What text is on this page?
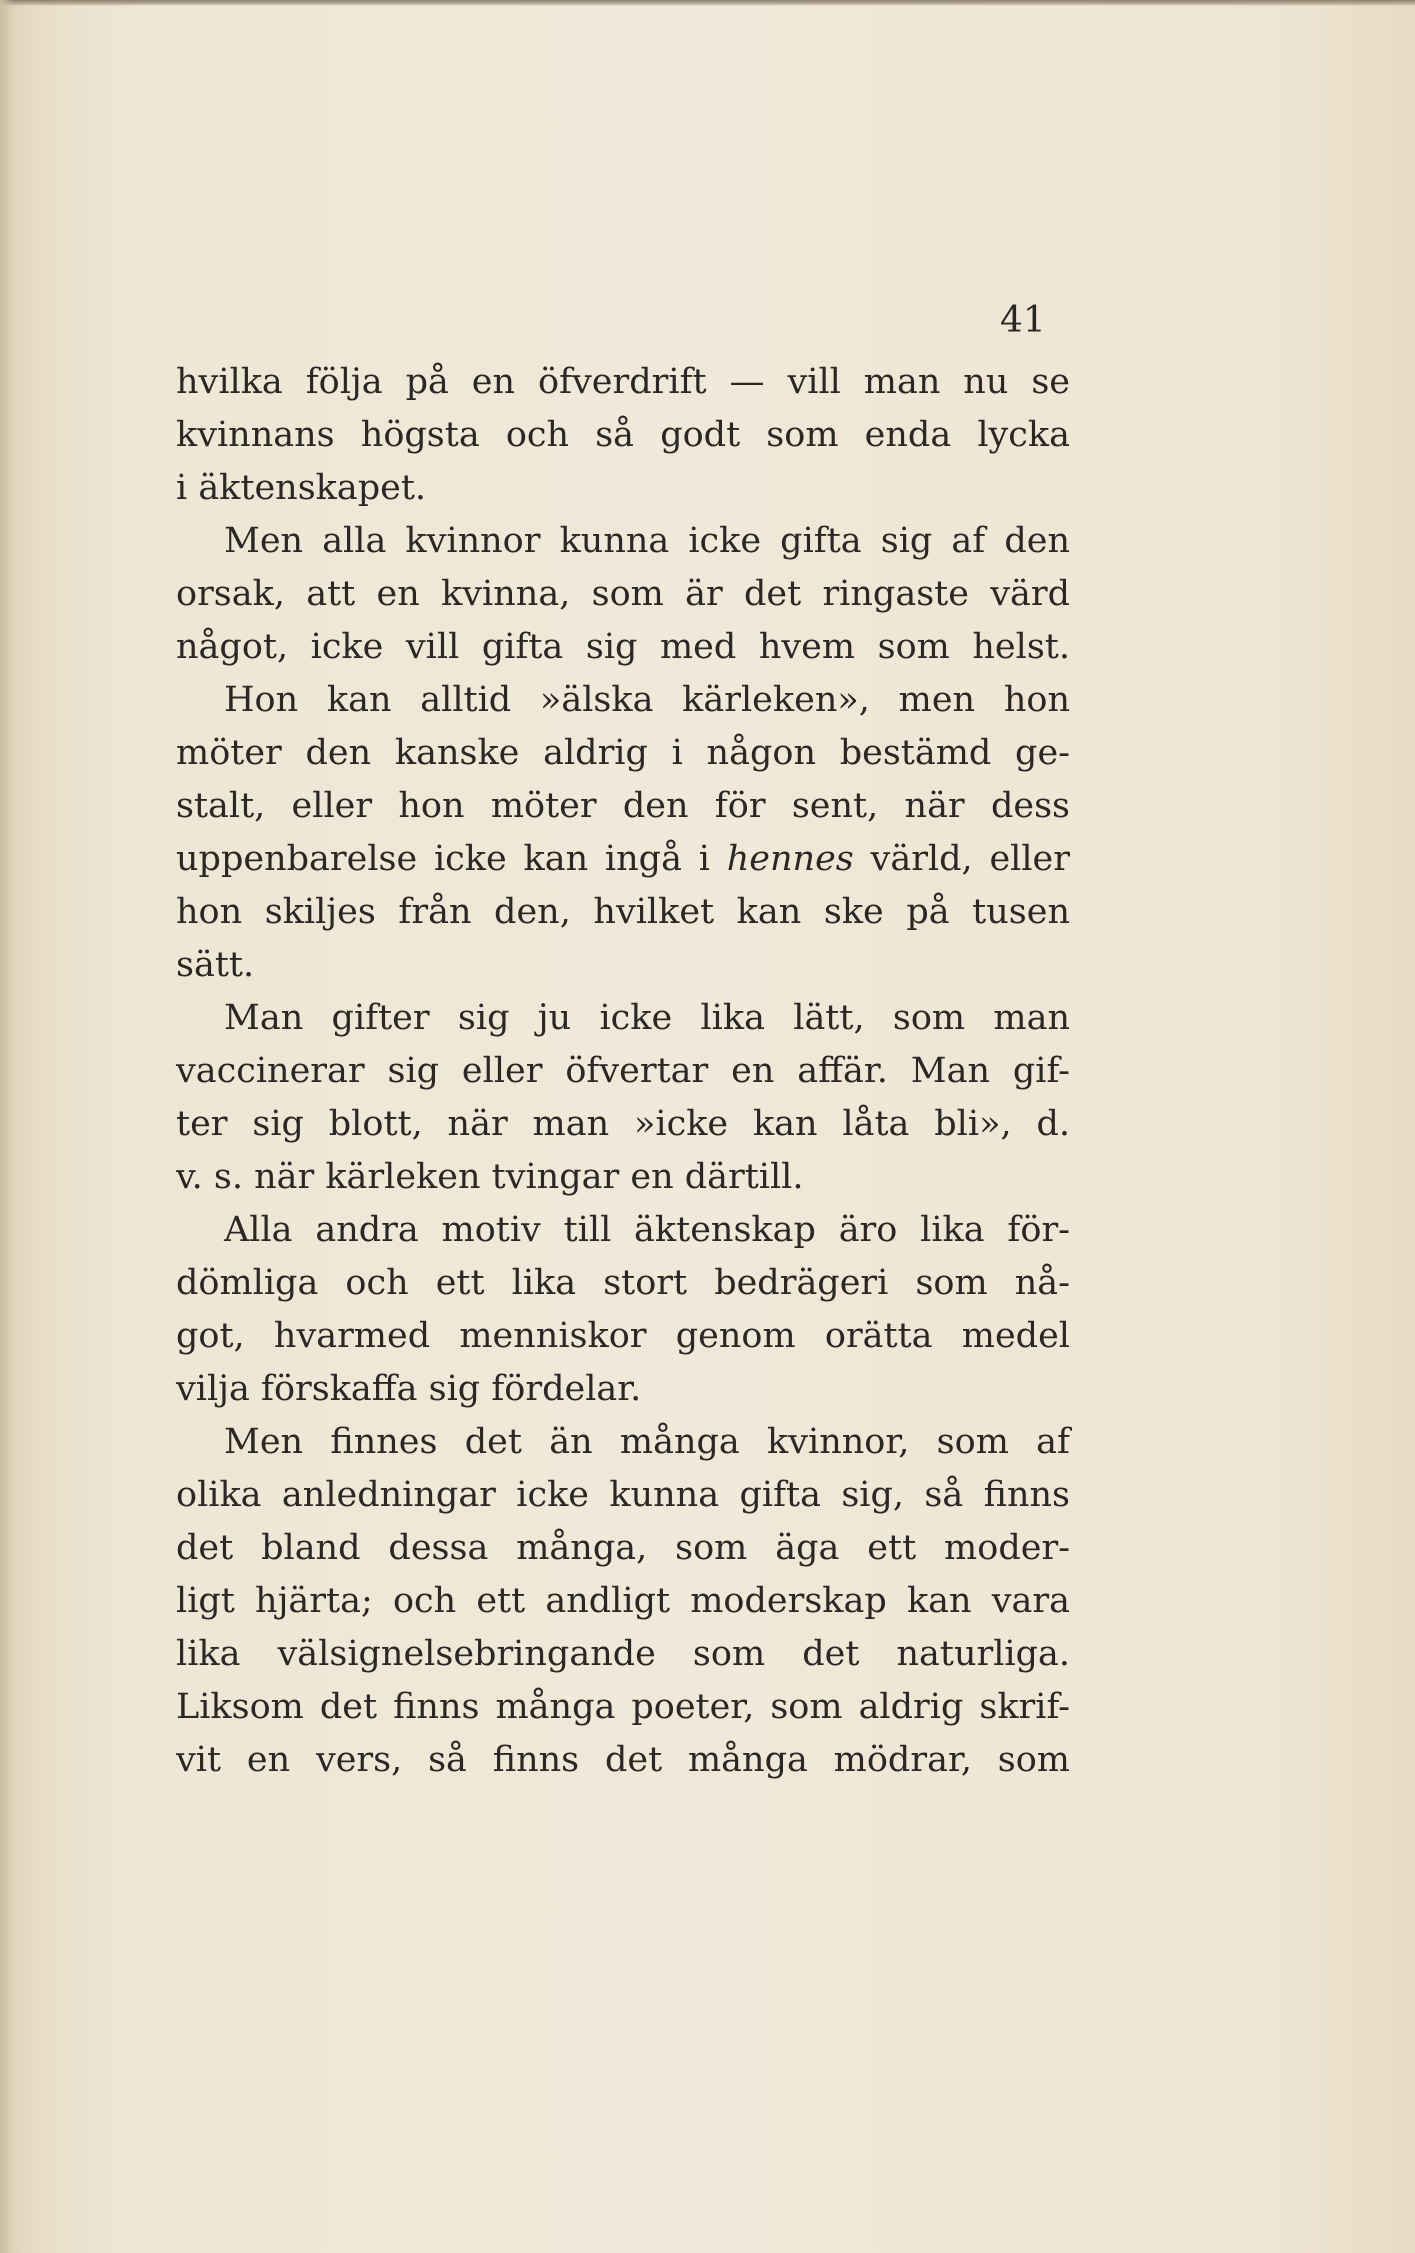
41
hvilka följa på en öfverdrift — vill man nu se
kvinnans högsta och så godt som enda lycka
i äktenskapet.
Men alla kvinnor kunna icke gifta sig af den
orsak, att en kvinna, som är det ringaste värd
något, icke vill gifta sig med hvem som helst.
Hon kan alltid »älska kärleken», men hon
möter den kanske aldrig i någon bestämd ge-
stalt, eller hon möter den för sent, när dess
uppenbarelse icke kan ingå i hennes värld, eller
hon skiljes från den, hvilket kan ske på tusen
sätt.
Man gifter sig ju icke lika lätt, som man
vaccinerar sig eller öfvertar en affär. Man gif-
ter sig blott, när man »icke kan låta bli», d.
v. s. när kärleken tvingar en därtill.
Alla andra motiv till äktenskap äro lika för-
dömliga och ett lika stort bedrägeri som nå-
got, hvarmed menniskor genom orätta medel
vilja förskaffa sig fördelar.
Men finnes det än många kvinnor, som af
olika anledningar icke kunna gifta sig, så finns
det bland dessa många, som äga ett moder-
ligt hjärta; och ett andligt moderskap kan vara
lika välsignelsebringande som det naturliga.
Liksom det finns många poeter, som aldrig skrif-
vit en vers, så finns det många mödrar, som
